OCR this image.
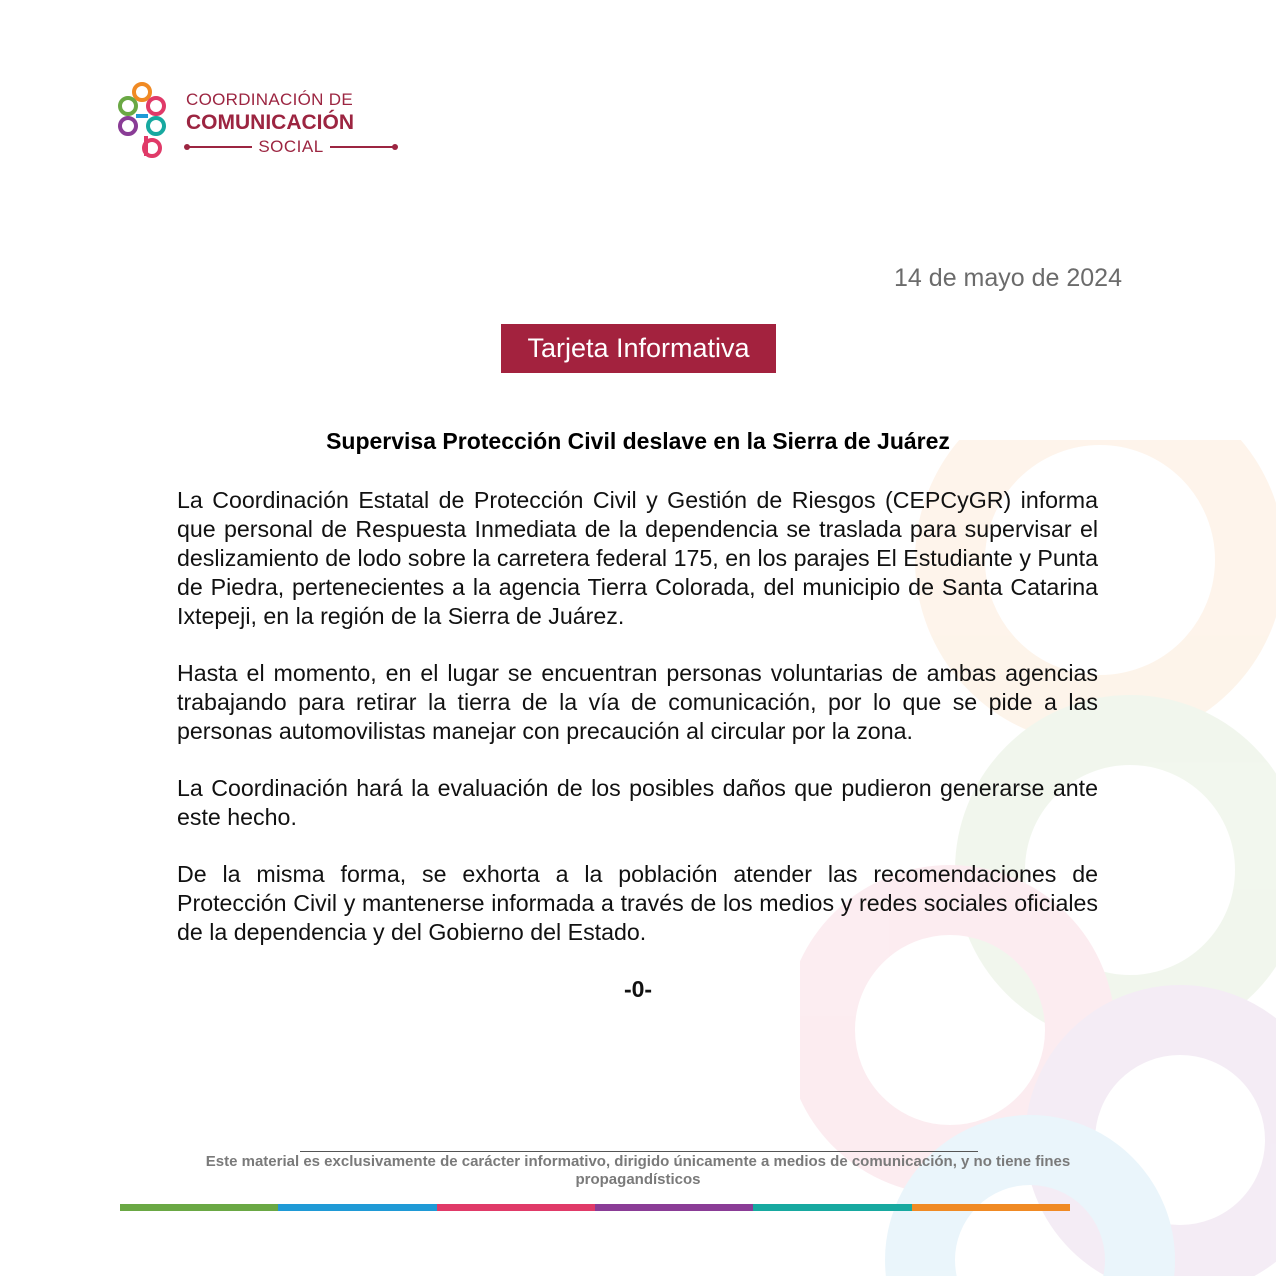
COORDINACIÓN DE
COMUNICACIÓN
SOCIAL
14 de mayo de 2024
Tarjeta Informativa
Supervisa Protección Civil deslave en la Sierra de Juárez

La Coordinación Estatal de Protección Civil y Gestión de Riesgos (CEPCyGR) informa que personal de Respuesta Inmediata de la dependencia se traslada para supervisar el deslizamiento de lodo sobre la carretera federal 175, en los parajes El Estudiante y Punta de Piedra, pertenecientes a la agencia Tierra Colorada, del municipio de Santa Catarina Ixtepeji, en la región de la Sierra de Juárez.

Hasta el momento, en el lugar se encuentran personas voluntarias de ambas agencias trabajando para retirar la tierra de la vía de comunicación, por lo que se pide a las personas automovilistas manejar con precaución al circular por la zona.

La Coordinación hará la evaluación de los posibles daños que pudieron generarse ante este hecho.

De la misma forma, se exhorta a la población atender las recomendaciones de Protección Civil y mantenerse informada a través de los medios y redes sociales oficiales de la dependencia y del Gobierno del Estado.

-0-
Este material es exclusivamente de carácter informativo, dirigido únicamente a medios de comunicación, y no tiene fines propagandísticos
